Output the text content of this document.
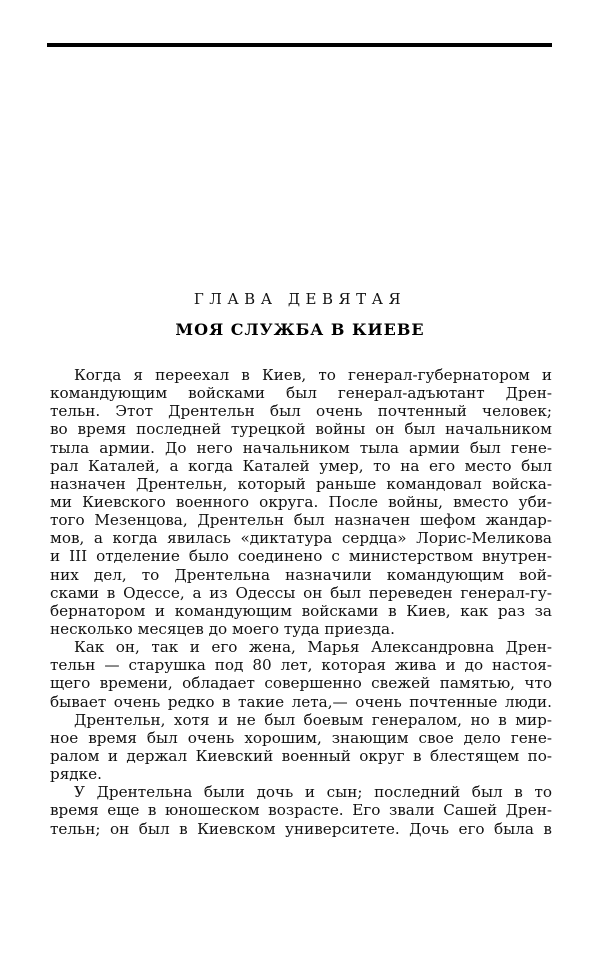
ГЛАВА ДЕВЯТАЯ
МОЯ СЛУЖБА В КИЕВЕ
Когда я переехал в Киев, то генерал-губернатором и
командующим войсками был генерал-адъютант Дрен-
тельн. Этот Дрентельн был очень почтенный человек;
во время последней турецкой войны он был начальником
тыла армии. До него начальником тыла армии был гене-
рал Каталей, а когда Каталей умер, то на его место был
назначен Дрентельн, который раньше командовал войска-
ми Киевского военного округа. После войны, вместо уби-
того Мезенцова, Дрентельн был назначен шефом жандар-
мов, а когда явилась «диктатура сердца» Лорис-Меликова
и III отделение было соединено с министерством внутрен-
них дел, то Дрентельна назначили командующим вой-
сками в Одессе, а из Одессы он был переведен генерал-гу-
бернатором и командующим войсками в Киев, как раз за
несколько месяцев до моего туда приезда.
Как он, так и его жена, Марья Александровна Дрен-
тельн — старушка под 80 лет, которая жива и до настоя-
щего времени, обладает совершенно свежей памятью, что
бывает очень редко в такие лета,— очень почтенные люди.
Дрентельн, хотя и не был боевым генералом, но в мир-
ное время был очень хорошим, знающим свое дело гене-
ралом и держал Киевский военный округ в блестящем по-
рядке.
У Дрентельна были дочь и сын; последний был в то
время еще в юношеском возрасте. Его звали Сашей Дрен-
тельн; он был в Киевском университете. Дочь его была в
